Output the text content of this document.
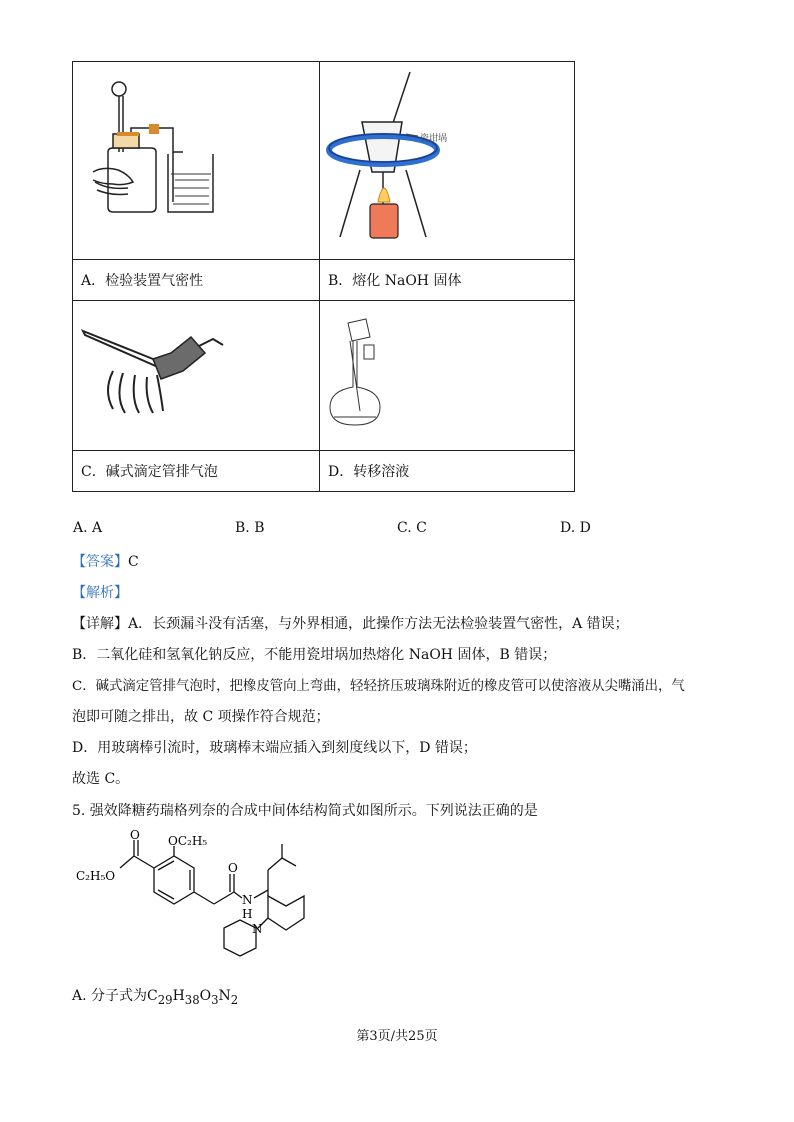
瓷坩埚

A．检验装置气密性	B．熔化 NaOH 固体

C．碱式滴定管排气泡	D．转移溶液
A. A	B. B	C. C	D. D
【答案】C
【解析】
【详解】A．长颈漏斗没有活塞，与外界相通，此操作方法无法检验装置气密性，A 错误；
B．二氧化硅和氢氧化钠反应，不能用瓷坩埚加热熔化 NaOH 固体，B 错误；
C．碱式滴定管排气泡时，把橡皮管向上弯曲，轻轻挤压玻璃珠附近的橡皮管可以使溶液从尖嘴涌出，气
泡即可随之排出，故 C 项操作符合规范；
D．用玻璃棒引流时，玻璃棒末端应插入到刻度线以下，D 错误；
故选 C。
5. 强效降糖药瑞格列奈的合成中间体结构简式如图所示。下列说法正确的是
O OC₂H₅
C₂H₅O
O
N
H
N
A. 分子式为$C_{29}H_{38}O_3N_2$
第3页/共25页
